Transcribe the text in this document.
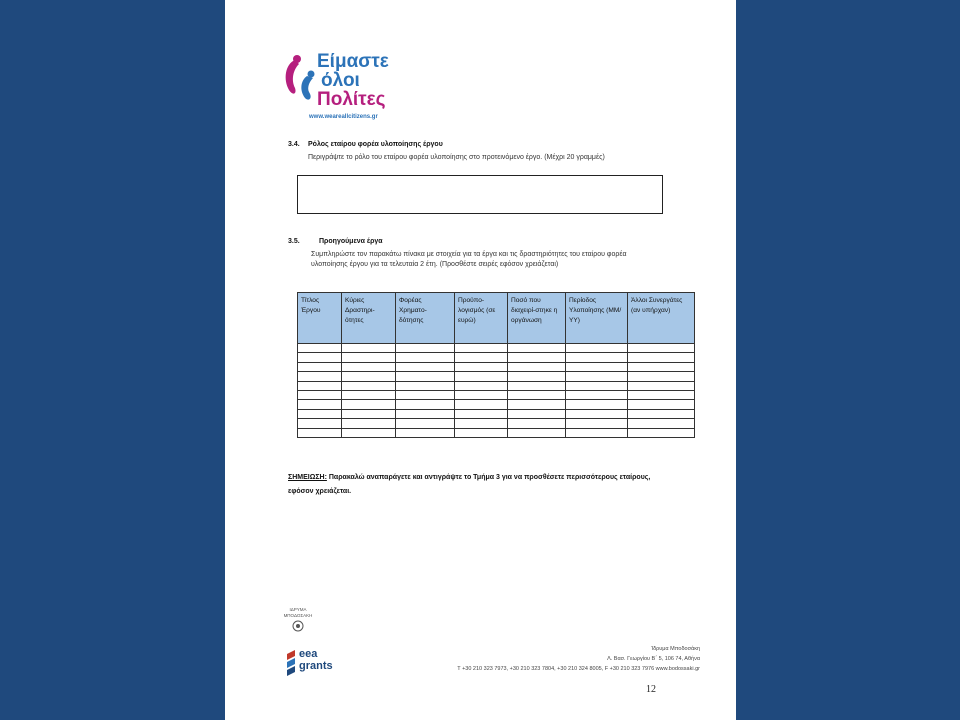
Είμαστε
όλοι
Πολίτες
www.weareallcitizens.gr
3.4. Ρόλος εταίρου φορέα υλοποίησης έργου
Περιγράψτε το ρόλο του εταίρου φορέα υλοποίησης στο προτεινόμενο έργο. (Μέχρι 20 γραμμές)
3.5.	Προηγούμενα έργα
Συμπληρώστε τον παρακάτω πίνακα με στοιχεία για τα έργα και τις δραστηριότητες του εταίρου φορέα υλοποίησης έργου για τα τελευταία 2 έτη. (Προσθέστε σειρές εφόσον χρειάζεται)
Τίτλος Έργου	Κύριες Δραστηρι-ότητες	Φορέας Χρηματο-δότησης	Προϋπο-λογισμός (σε ευρώ)	Ποσό που διαχειρί-στηκε η οργάνωση	Περίοδος Υλοποίησης (ΜΜ/ΥΥ)	Άλλοι Συνεργάτες (αν υπήρχαν)

ΣΗΜΕΙΩΣΗ: Παρακαλώ αναπαράγετε και αντιγράψτε το Τμήμα 3 για να προσθέσετε περισσότερους εταίρους, εφόσον χρειάζεται.
ΙΔΡΥΜΑ ΜΠΟΔΟΣΑΚΗ
eea
grants
Ίδρυμα Μποδοσάκη
Λ. Βασ. Γεωργίου Β΄ 5, 106 74, Αθήνα
T +30 210 323 7973, +30 210 323 7804, +30 210 324 8005, F +30 210 323 7976 www.bodossaki.gr
12
